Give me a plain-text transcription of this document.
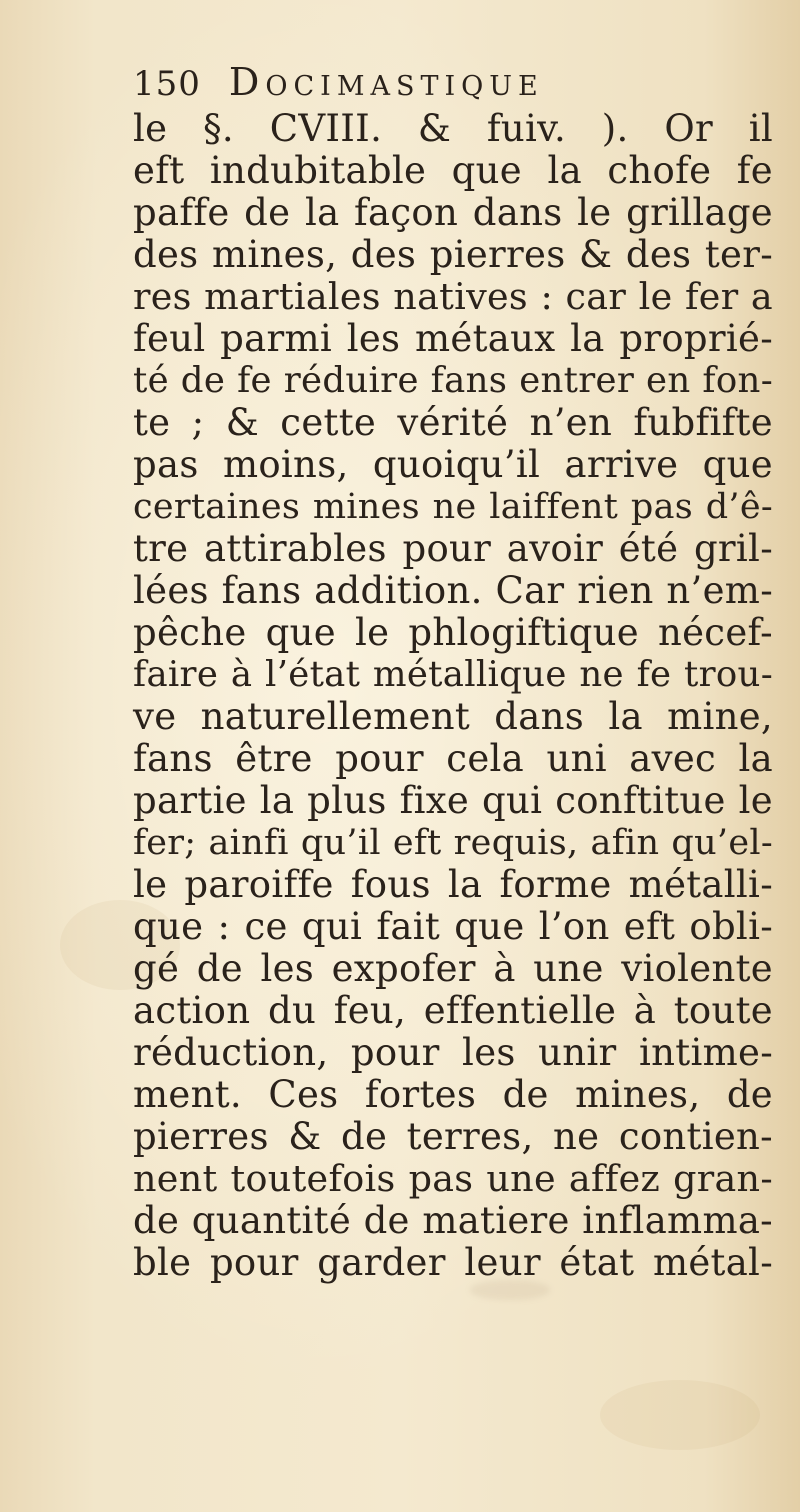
150 Docimastique
le §. CVIII. & fuiv. ). Or il
eft indubitable que la chofe fe
paffe de la façon dans le grillage
des mines, des pierres & des ter-
res martiales natives : car le fer a
feul parmi les métaux la proprié-
té de fe réduire fans entrer en fon-
te ; & cette vérité n’en fubfifte
pas moins, quoiqu’il arrive que
certaines mines ne laiffent pas d’ê-
tre attirables pour avoir été gril-
lées fans addition. Car rien n’em-
pêche que le phlogiftique nécef-
faire à l’état métallique ne fe trou-
ve naturellement dans la mine,
fans être pour cela uni avec la
partie la plus fixe qui conftitue le
fer; ainfi qu’il eft requis, afin qu’el-
le paroiffe fous la forme métalli-
que : ce qui fait que l’on eft obli-
gé de les expofer à une violente
action du feu, effentielle à toute
réduction, pour les unir intime-
ment. Ces fortes de mines, de
pierres & de terres, ne contien-
nent toutefois pas une affez gran-
de quantité de matiere inflamma-
ble pour garder leur état métal-
